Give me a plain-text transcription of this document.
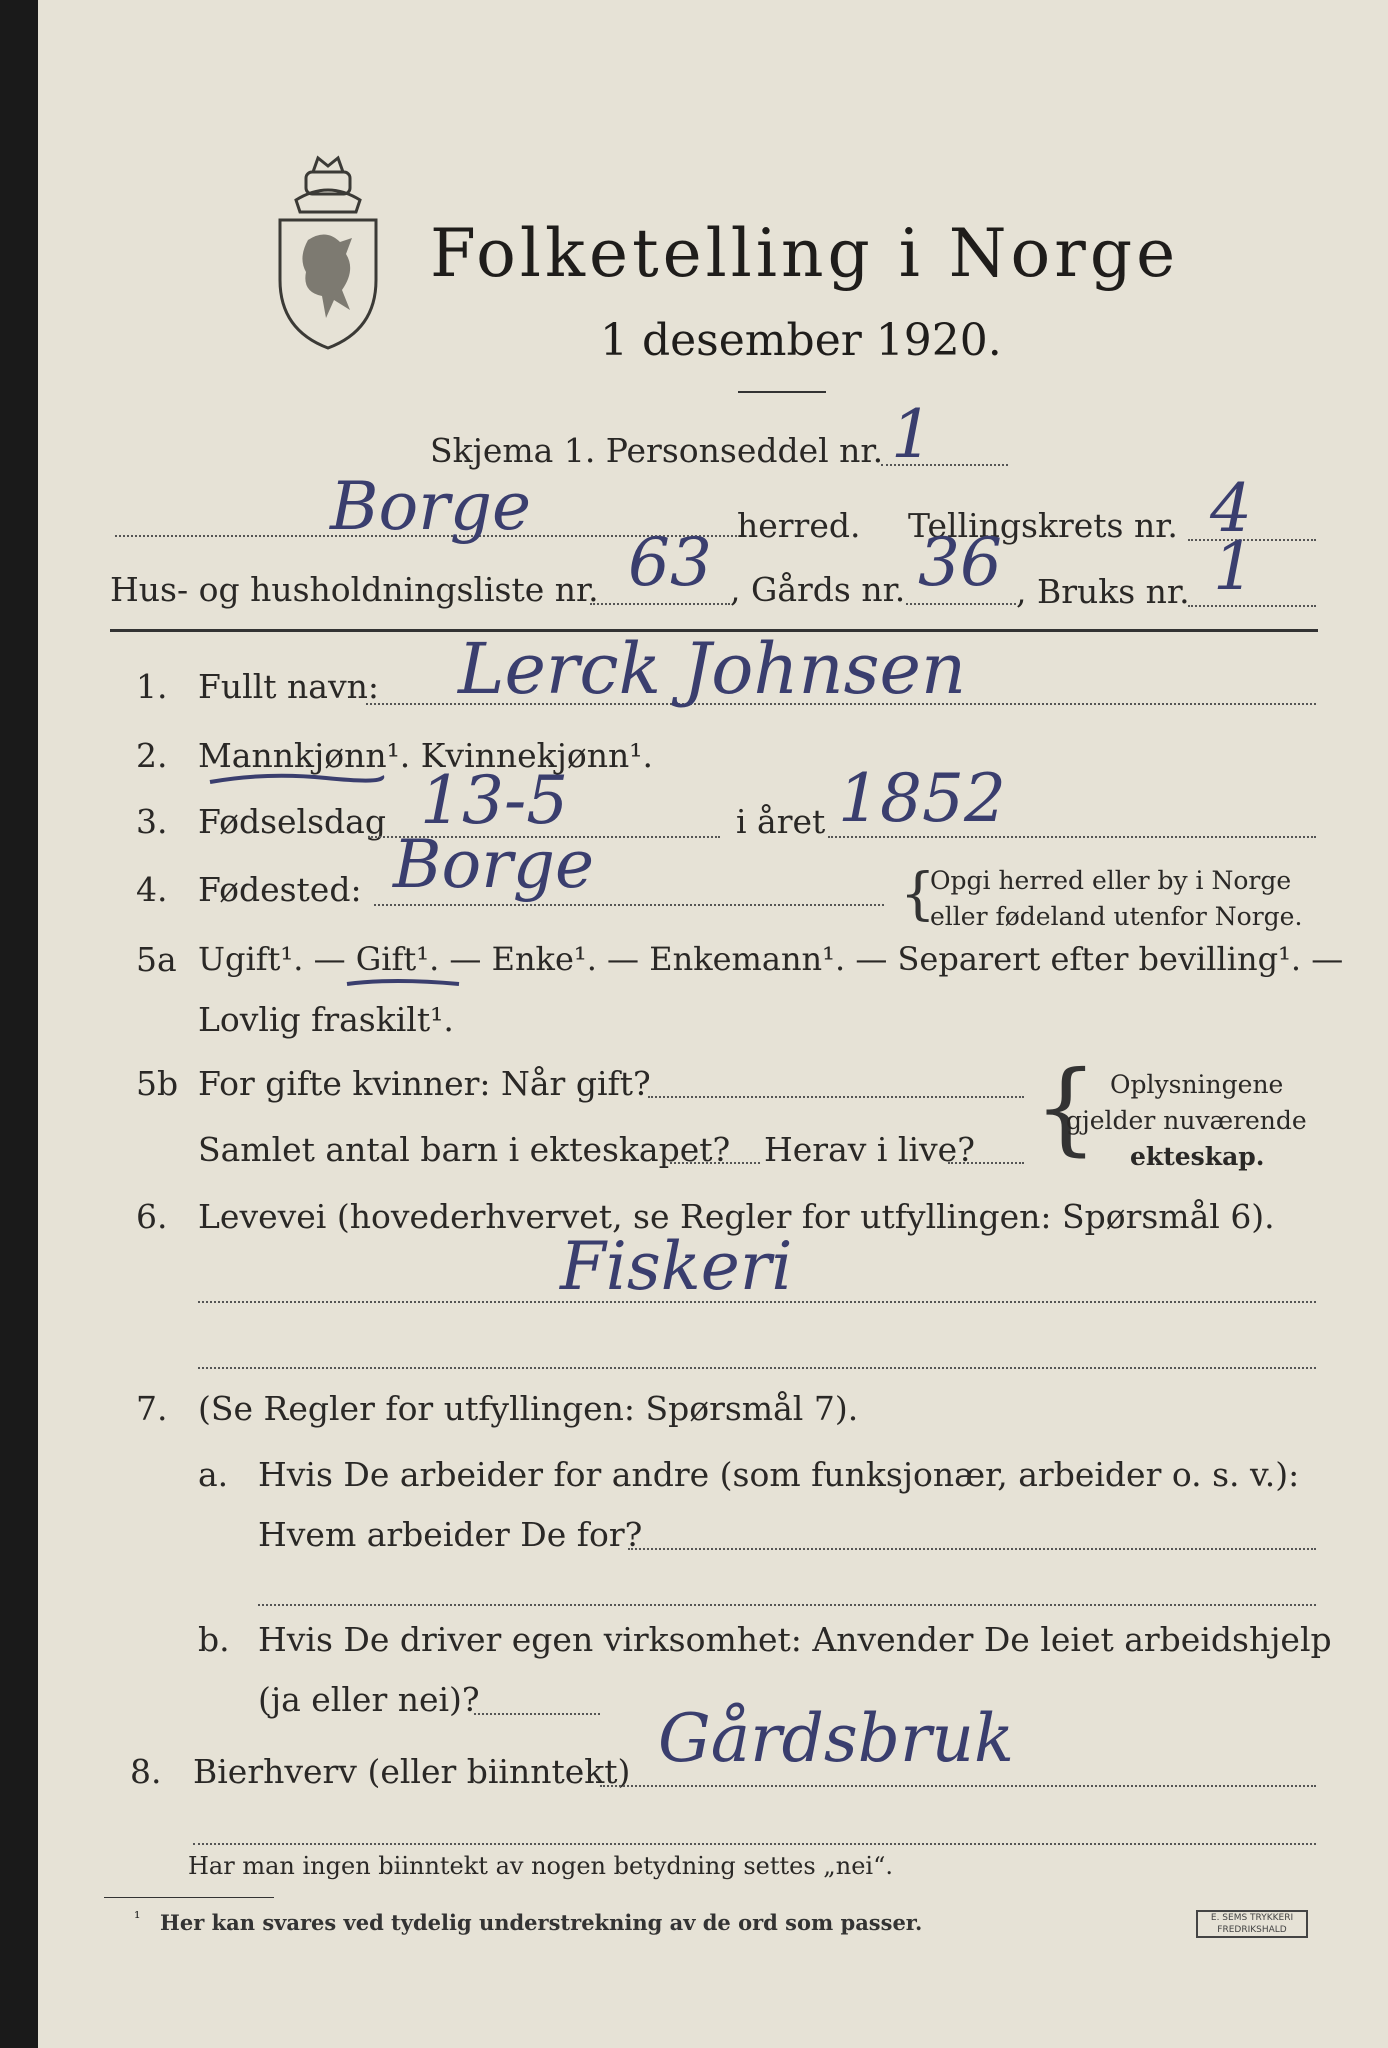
Folketelling i Norge
1 desember 1920.
Skjema 1. Personseddel nr. 1
Borge	herred. Tellingskrets nr. 4
Hus- og husholdningsliste nr. 63 , Gårds nr. 36 , Bruks nr. 1
1. Fullt navn: Lerck Johnsen
2. Mannkjønn¹. Kvinnekjønn¹.
3. Fødselsdag 13-5	i året 1852
4. Fødested: Borge	{
Opgi herred eller by i Norge
eller fødeland utenfor Norge.
5a Ugift¹. — Gift¹. — Enke¹. — Enkemann¹. — Separert efter bevilling¹. —
Lovlig fraskilt¹.
5b For gifte kvinner: Når gift?
Samlet antal barn i ekteskapet? Herav i live? { Oplysningene
gjelder nuværende
ekteskap.
6. Levevei (hovederhvervet, se Regler for utfyllingen: Spørsmål 6).
Fiskeri
7. (Se Regler for utfyllingen: Spørsmål 7).
a. Hvis De arbeider for andre (som funksjonær, arbeider o. s. v.):
Hvem arbeider De for?
b. Hvis De driver egen virksomhet: Anvender De leiet arbeidshjelp
(ja eller nei)?
8. Bierhverv (eller biinntekt) Gårdsbruk
Har man ingen biinntekt av nogen betydning settes „nei“.
¹ Her kan svares ved tydelig understrekning av de ord som passer.	E. SEMS TRYKKERI
FREDRIKSHALD
